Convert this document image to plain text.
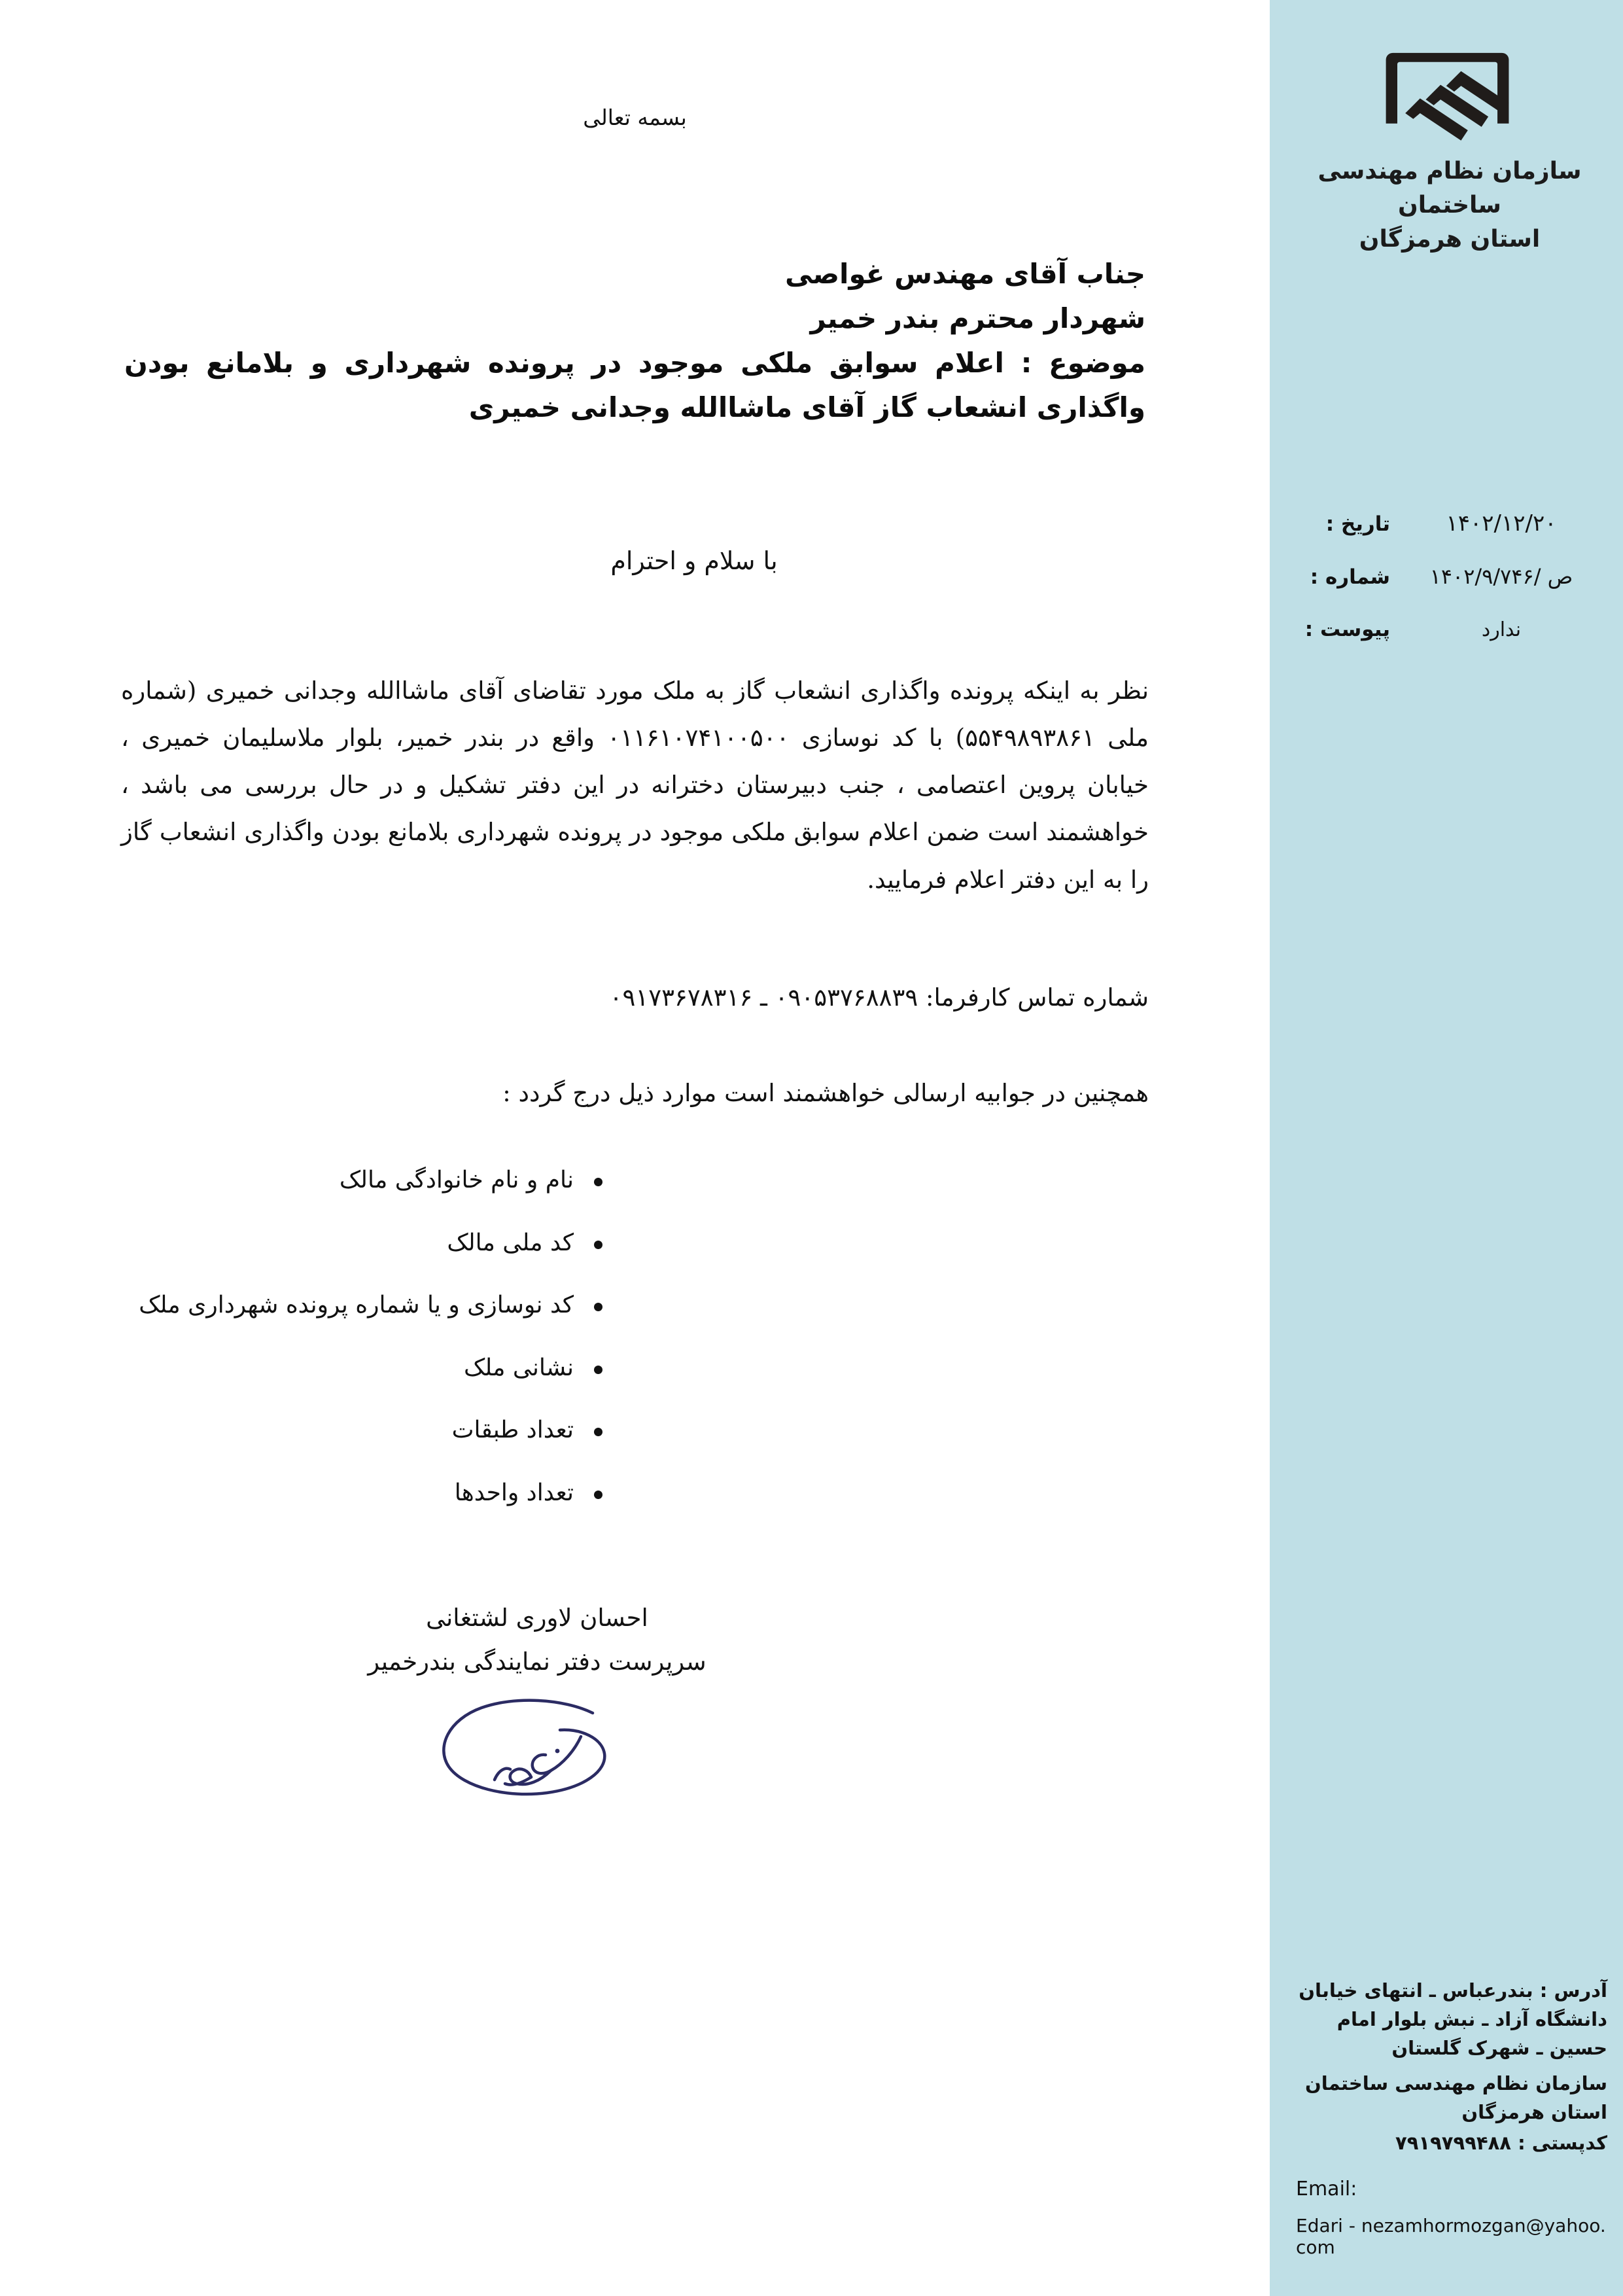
بسمه تعالی
جناب آقای مهندس غواصی
شهردار محترم بندر خمیر
موضوع : اعلام سوابق ملکی موجود در پرونده شهرداری و بلامانع بودن واگذاری انشعاب گاز آقای ماشاالله وجدانی خمیری
با سلام و احترام

نظر به اینکه پرونده واگذاری انشعاب گاز به ملک مورد تقاضای آقای ماشاالله وجدانی خمیری (شماره ملی ۵۵۴۹۸۹۳۸۶۱) با کد نوسازی ۰۱۱۶۱۰۷۴۱۰۰۵۰۰ واقع در بندر خمیر، بلوار ملاسلیمان خمیری ، خیابان پروین اعتصامی ، جنب دبیرستان دخترانه در این دفتر تشکیل و در حال بررسی می باشد ، خواهشمند است ضمن اعلام سوابق ملکی موجود در پرونده شهرداری بلامانع بودن واگذاری انشعاب گاز را به این دفتر اعلام فرمایید.

شماره تماس کارفرما: ۰۹۰۵۳۷۶۸۸۳۹ ـ ۰۹۱۷۳۶۷۸۳۱۶
همچنین در جوابیه ارسالی خواهشمند است موارد ذیل درج گردد :
نام و نام خانوادگی مالک
کد ملی مالک
کد نوسازی و یا شماره پرونده شهرداری ملک
نشانی ملک
تعداد طبقات
تعداد واحدها
احسان لاوری لشتغانی
سرپرست دفتر نمایندگی بندرخمیر
سازمان نظام مهندسی ساختمان
استان هرمزگان
۱۴۰۲/۱۲/۲۰
تاریخ :
ص /۱۴۰۲/۹/۷۴۶
شماره :
ندارد
پیوست :
آدرس : بندرعباس ـ انتهای خیابان دانشگاه آزاد ـ نبش بلوار امام حسین ـ شهرک گلستان
سازمان نظام مهندسی ساختمان
استان هرمزگان
کدپستی : ۷۹۱۹۷۹۹۴۸۸
Email:
Edari - nezamhormozgan@yahoo.com
